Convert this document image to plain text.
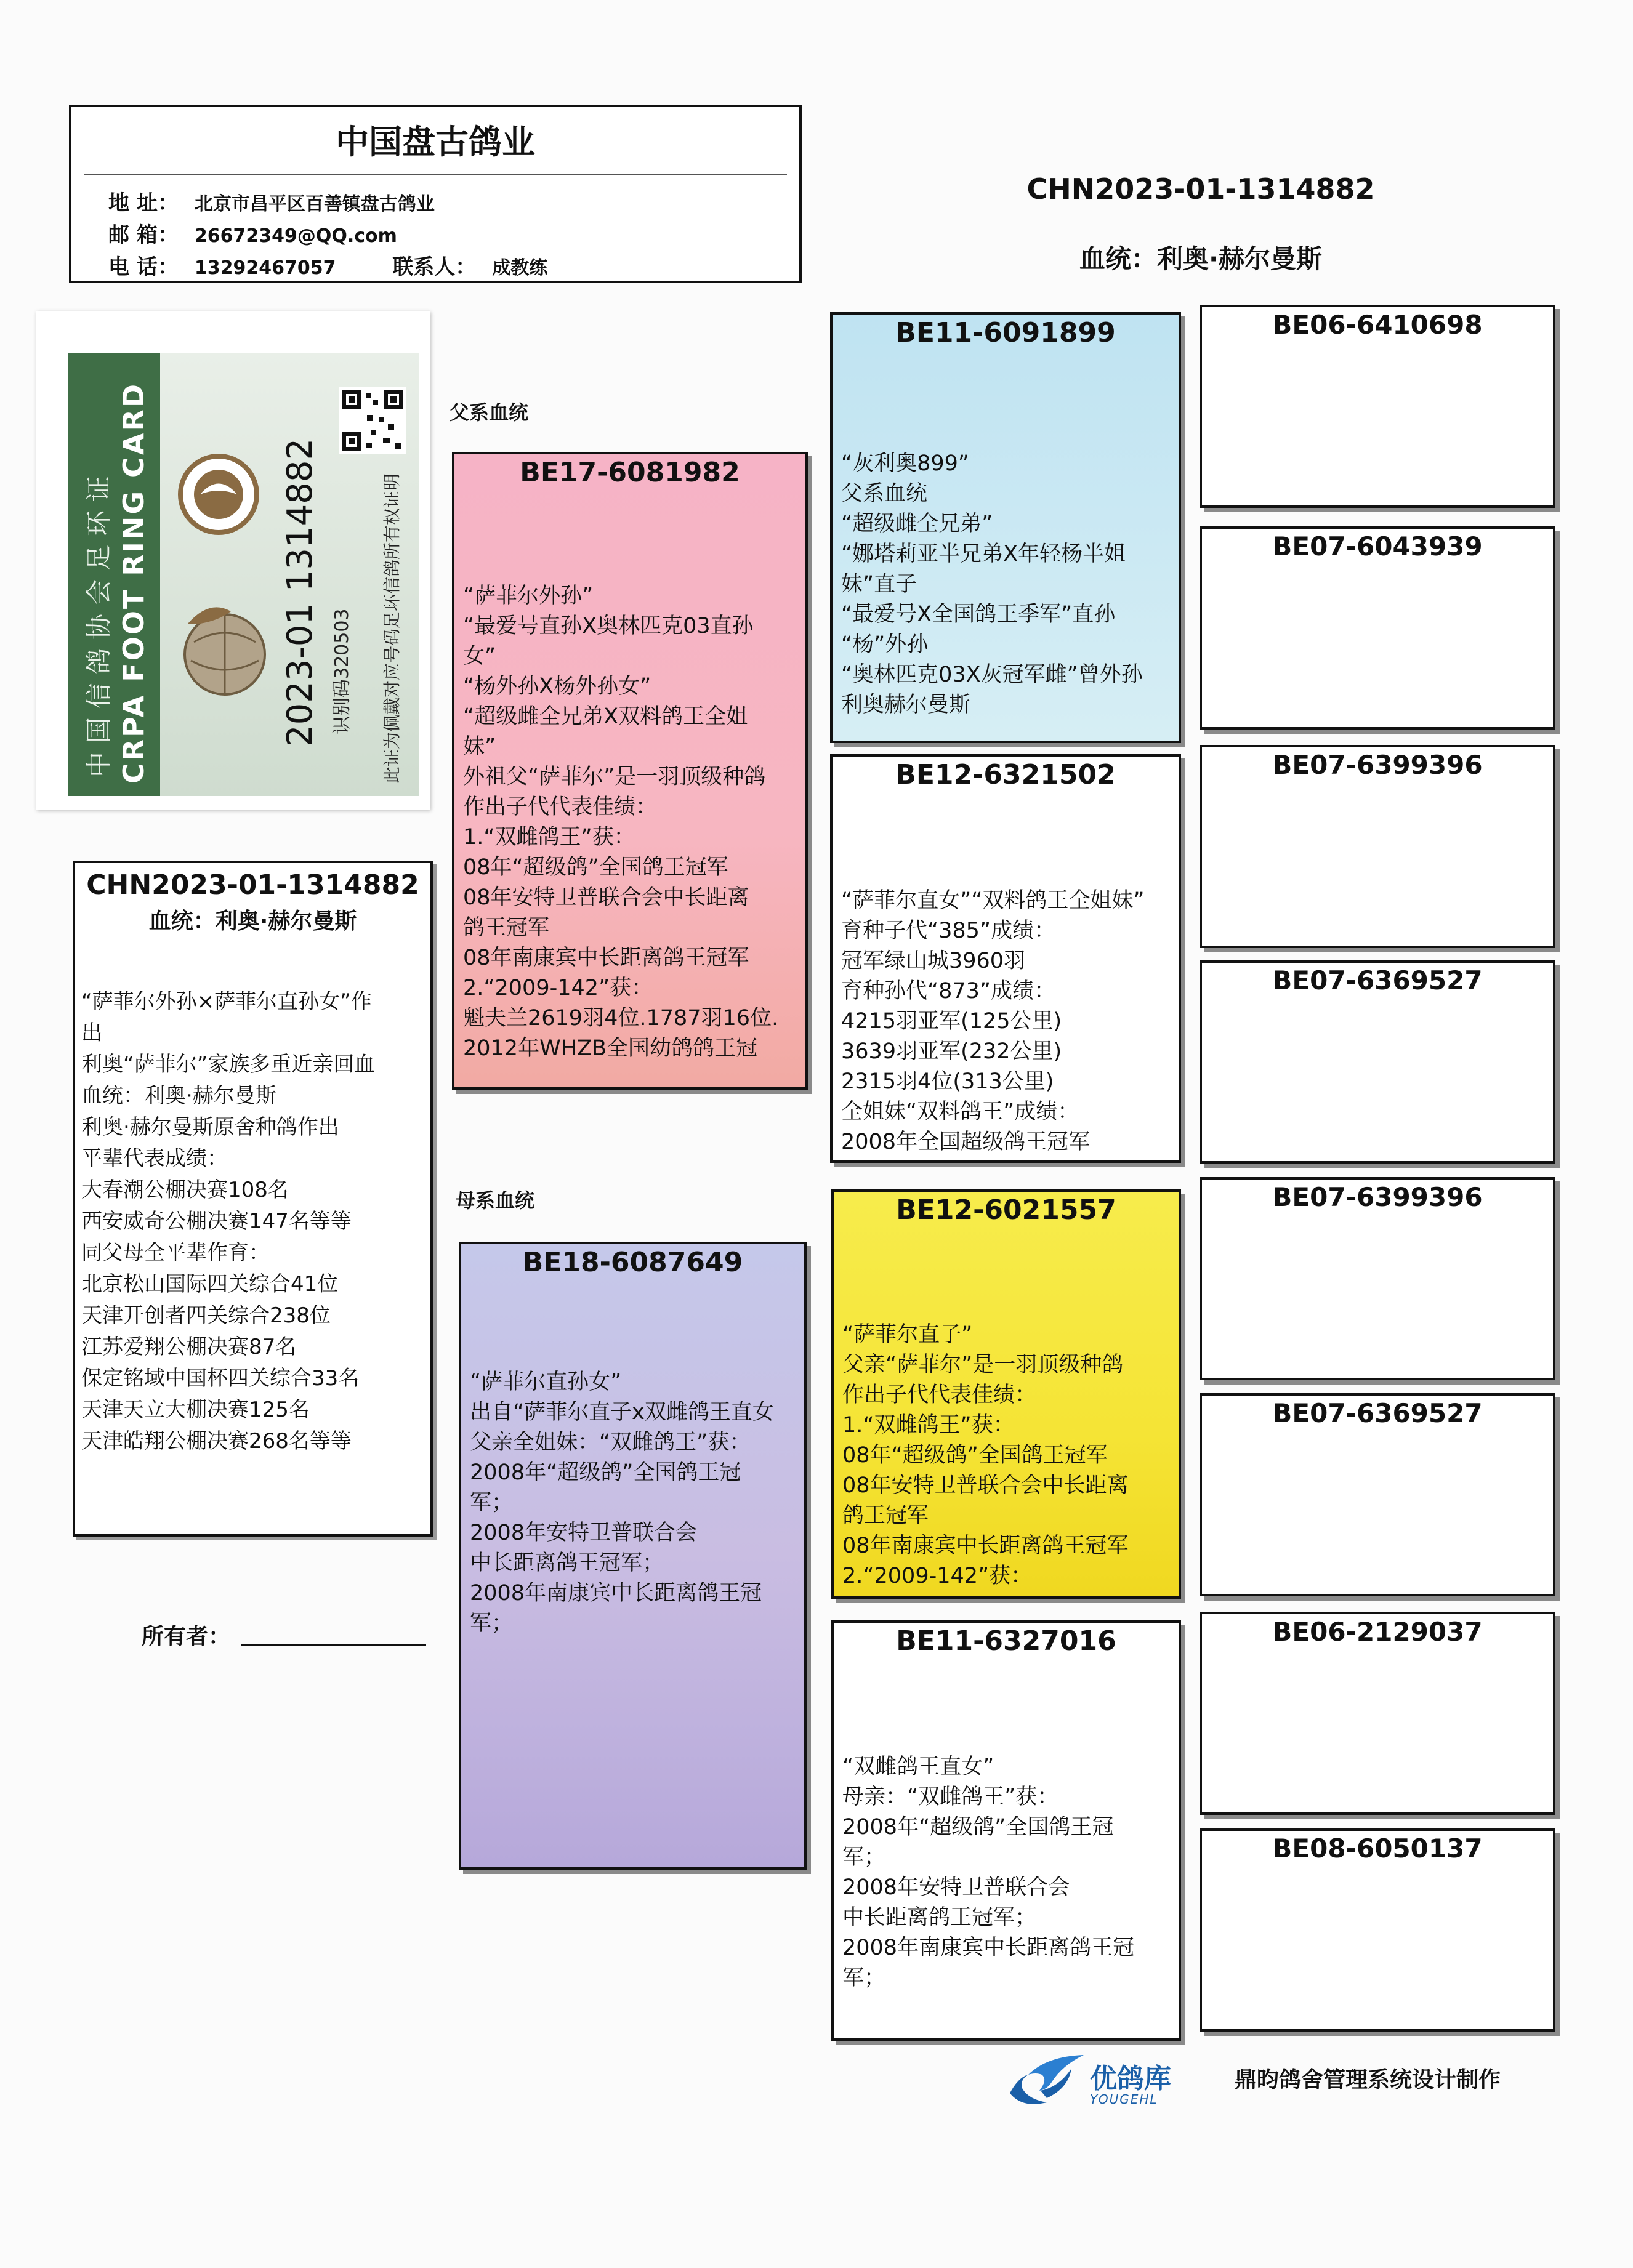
中国盘古鸽业
地 址： 北京市昌平区百善镇盘古鸽业
邮 箱： 26672349@QQ.com
电 话： 13292467057	联系人： 成教练
CHN2023-01-1314882
血统：利奥·赫尔曼斯
中国信鸽协会足环证 CRPA FOOT RING CARD	2023-01 1314882 识别码320503 此证为佩戴对应号码足环信鸽所有权证明
CHN2023-01-1314882
血统：利奥·赫尔曼斯
“萨菲尔外孙×萨菲尔直孙女”作
出
利奥“萨菲尔”家族多重近亲回血
血统：利奥·赫尔曼斯
利奥·赫尔曼斯原舍种鸽作出
平辈代表成绩：
大春潮公棚决赛108名
西安威奇公棚决赛147名等等
同父母全平辈作育：
北京松山国际四关综合41位
天津开创者四关综合238位
江苏爱翔公棚决赛87名
保定铭域中国杯四关综合33名
天津天立大棚决赛125名
天津皓翔公棚决赛268名等等
所有者：
父系血统
母系血统
BE17-6081982
“萨菲尔外孙”
“最爱号直孙X奥林匹克03直孙
女”
“杨外孙X杨外孙女”
“超级雌全兄弟X双料鸽王全姐
妹”
外祖父“萨菲尔”是一羽顶级种鸽
作出子代代表佳绩：
1.“双雌鸽王”获：
08年“超级鸽”全国鸽王冠军
08年安特卫普联合会中长距离
鸽王冠军
08年南康宾中长距离鸽王冠军
2.“2009-142”获：
魁夫兰2619羽4位.1787羽16位.
2012年WHZB全国幼鸽鸽王冠
BE18-6087649
“萨菲尔直孙女”
出自“萨菲尔直子x双雌鸽王直女
父亲全姐妹：“双雌鸽王”获：
2008年“超级鸽”全国鸽王冠
军；
2008年安特卫普联合会
中长距离鸽王冠军；
2008年南康宾中长距离鸽王冠
军；
BE11-6091899
“灰利奥899”
父系血统
“超级雌全兄弟”
“娜塔莉亚半兄弟X年轻杨半姐
妹”直子
“最爱号X全国鸽王季军”直孙
“杨”外孙
“奥林匹克03X灰冠军雌”曾外孙
利奥赫尔曼斯
BE12-6321502
“萨菲尔直女”“双料鸽王全姐妹”
育种子代“385”成绩：
冠军绿山城3960羽
育种孙代“873”成绩：
4215羽亚军(125公里)
3639羽亚军(232公里)
2315羽4位(313公里)
全姐妹“双料鸽王”成绩：
2008年全国超级鸽王冠军
BE12-6021557
“萨菲尔直子”
父亲“萨菲尔”是一羽顶级种鸽
作出子代代表佳绩：
1.“双雌鸽王”获：
08年“超级鸽”全国鸽王冠军
08年安特卫普联合会中长距离
鸽王冠军
08年南康宾中长距离鸽王冠军
2.“2009-142”获：
BE11-6327016
“双雌鸽王直女”
母亲：“双雌鸽王”获：
2008年“超级鸽”全国鸽王冠
军；
2008年安特卫普联合会
中长距离鸽王冠军；
2008年南康宾中长距离鸽王冠
军；
BE06-6410698
BE07-6043939
BE07-6399396
BE07-6369527
BE07-6399396
BE07-6369527
BE06-2129037
BE08-6050137
优鸽库
YOUGEHL
鼎昀鸽舍管理系统设计制作
